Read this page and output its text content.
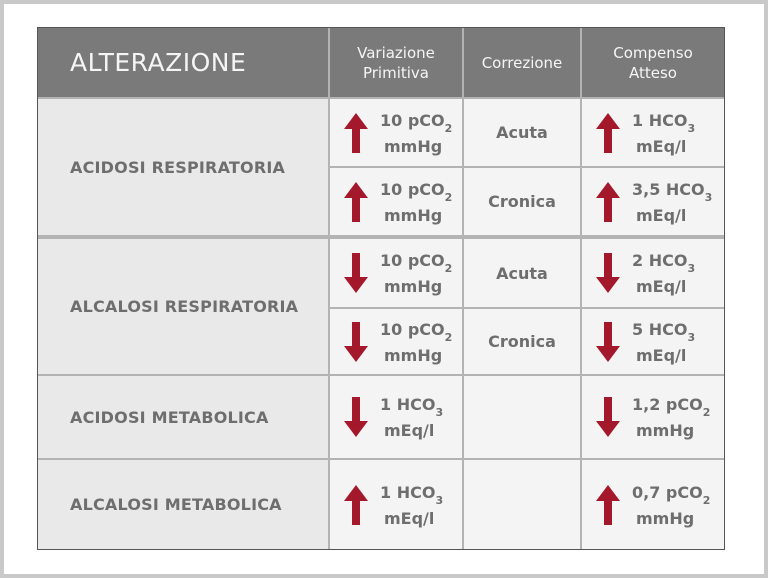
ALTERAZIONE	Variazione
Primitiva
Correzione
Compenso
Atteso
ACIDOSI RESPIRATORIA
10 pCO$_2$
mmHg
Acuta
1 $HCO_3$
mEq/l
10 pCO$_2$
mmHg
Cronica
3,5 $HCO_3$
mEq/l
ALCALOSI RESPIRATORIA
10 pCO$_2$
mmHg
Acuta
2 $HCO_3$
mEq/l
10 pCO$_2$
mmHg
Cronica
5 $HCO_3$
mEq/l
ACIDOSI METABOLICA
1 $HCO_3$
mEq/l
1,2 pCO$_2$
mmHg
ALCALOSI METABOLICA
1 $HCO_3$
mEq/l
0,7 pCO$_2$
mmHg
